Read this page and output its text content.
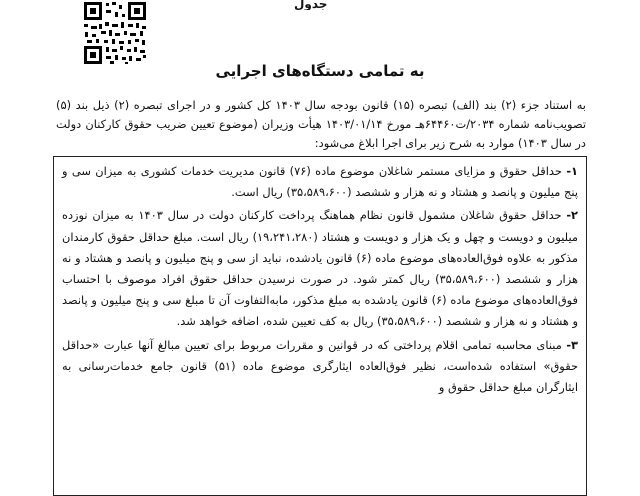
جدول
به تمامی دستگاه‌های اجرایی

به استناد جزء (۲) بند (الف) تبصره (۱۵) قانون بودجه سال ۱۴۰۳ کل کشور و در اجرای تبصره (۲) ذیل بند (۵) تصویب‌نامه شماره ۲۰۳۴/ت۶۴۴۶۰هـ مورخ ۱۴۰۳/۰۱/۱۴ هیأت وزیران (موضوع تعیین ضریب حقوق کارکنان دولت در سال ۱۴۰۳) موارد به شرح زیر برای اجرا ابلاغ می‌شود:

۱- حداقل حقوق و مزایای مستمر شاغلان موضوع ماده (۷۶) قانون مدیریت خدمات کشوری به میزان سی و پنج میلیون و پانصد و هشتاد و نه هزار و ششصد (۳۵،۵۸۹،۶۰۰) ریال است.

۲- حداقل حقوق شاغلان مشمول قانون نظام هماهنگ پرداخت کارکنان دولت در سال ۱۴۰۳ به میزان نوزده میلیون و دویست و چهل و یک هزار و دویست و هشتاد (۱۹،۲۴۱،۲۸۰) ریال است. مبلغ حداقل حقوق کارمندان مذکور به علاوه فوق‌العاده‌های موضوع ماده (۶) قانون یادشده، نباید از سی و پنج میلیون و پانصد و هشتاد و نه هزار و ششصد (۳۵،۵۸۹،۶۰۰) ریال کمتر شود. در صورت نرسیدن حداقل حقوق افراد موصوف با احتساب فوق‌العاده‌های موضوع ماده (۶) قانون یادشده به مبلغ مذکور، مابه‌التفاوت آن تا مبلغ سی و پنج میلیون و پانصد و هشتاد و نه هزار و ششصد (۳۵،۵۸۹،۶۰۰) ریال به کف تعیین شده، اضافه خواهد شد.

۳- مبنای محاسبه تمامی اقلام پرداختی که در قوانین و مقررات مربوط برای تعیین مبالغ آنها عبارت «حداقل حقوق» استفاده شده‌است، نظیر فوق‌العاده ایثارگری موضوع ماده (۵۱) قانون جامع خدمات‌رسانی به ایثارگران مبلغ حداقل حقوق و
